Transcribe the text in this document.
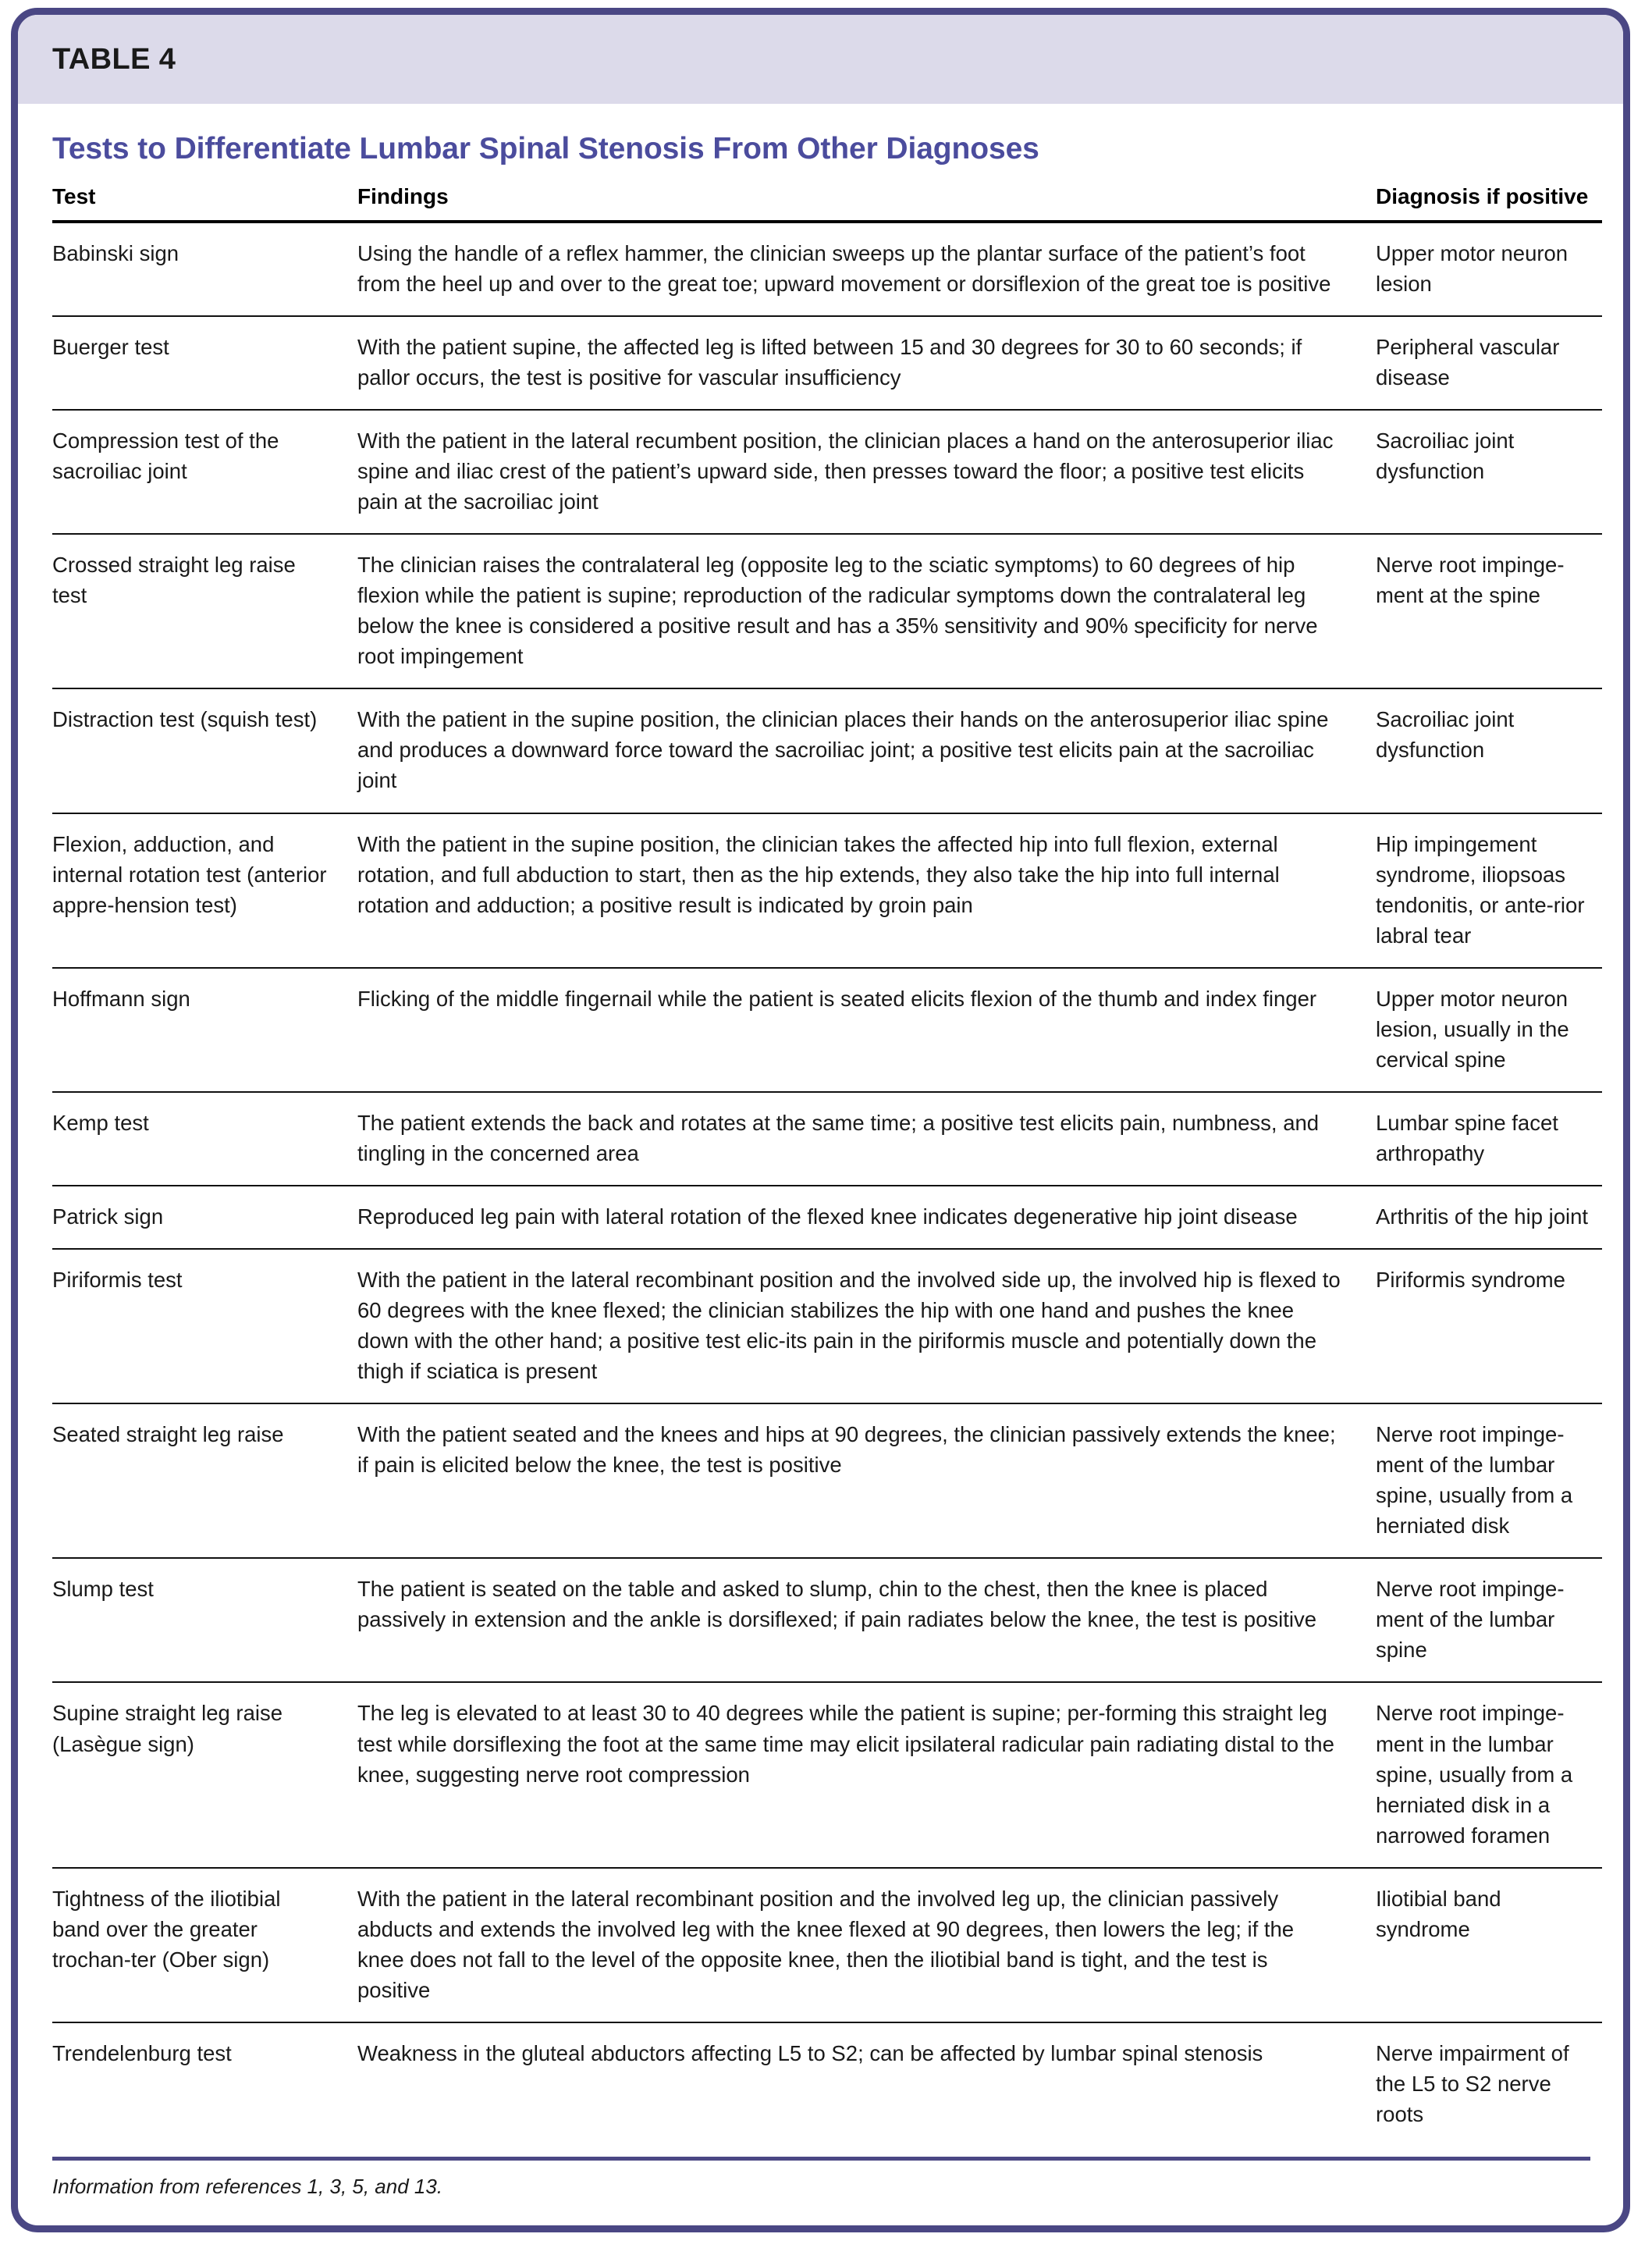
TABLE 4
Tests to Differentiate Lumbar Spinal Stenosis From Other Diagnoses
Test	Findings	Diagnosis if positive
Babinski sign	Using the handle of a reflex hammer, the clinician sweeps up the plantar surface of the patient’s foot from the heel up and over to the great toe; upward movement or dorsiflexion of the great toe is positive	Upper motor neuron lesion
Buerger test	With the patient supine, the affected leg is lifted between 15 and 30 degrees for 30 to 60 seconds; if pallor occurs, the test is positive for vascular insufficiency	Peripheral vascular disease
Compression test of the sacroiliac joint	With the patient in the lateral recumbent position, the clinician places a hand on the anterosuperior iliac spine and iliac crest of the patient’s upward side, then presses toward the floor; a positive test elicits pain at the sacroiliac joint	Sacroiliac joint dysfunction
Crossed straight leg raise test	The clinician raises the contralateral leg (opposite leg to the sciatic symptoms) to 60 degrees of hip flexion while the patient is supine; reproduction of the radicular symptoms down the contralateral leg below the knee is considered a positive result and has a 35% sensitivity and 90% specificity for nerve root impingement	Nerve root impinge-ment at the spine
Distraction test (squish test)	With the patient in the supine position, the clinician places their hands on the anterosuperior iliac spine and produces a downward force toward the sacroiliac joint; a positive test elicits pain at the sacroiliac joint	Sacroiliac joint dysfunction
Flexion, adduction, and internal rotation test (anterior appre-hension test)	With the patient in the supine position, the clinician takes the affected hip into full flexion, external rotation, and full abduction to start, then as the hip extends, they also take the hip into full internal rotation and adduction; a positive result is indicated by groin pain	Hip impingement syndrome, iliopsoas tendonitis, or ante-rior labral tear
Hoffmann sign	Flicking of the middle fingernail while the patient is seated elicits flexion of the thumb and index finger	Upper motor neuron lesion, usually in the cervical spine
Kemp test	The patient extends the back and rotates at the same time; a positive test elicits pain, numbness, and tingling in the concerned area	Lumbar spine facet arthropathy
Patrick sign	Reproduced leg pain with lateral rotation of the flexed knee indicates degenerative hip joint disease	Arthritis of the hip joint
Piriformis test	With the patient in the lateral recombinant position and the involved side up, the involved hip is flexed to 60 degrees with the knee flexed; the clinician stabilizes the hip with one hand and pushes the knee down with the other hand; a positive test elic-its pain in the piriformis muscle and potentially down the thigh if sciatica is present	Piriformis syndrome
Seated straight leg raise	With the patient seated and the knees and hips at 90 degrees, the clinician passively extends the knee; if pain is elicited below the knee, the test is positive	Nerve root impinge-ment of the lumbar spine, usually from a herniated disk
Slump test	The patient is seated on the table and asked to slump, chin to the chest, then the knee is placed passively in extension and the ankle is dorsiflexed; if pain radiates below the knee, the test is positive	Nerve root impinge-ment of the lumbar spine
Supine straight leg raise (Lasègue sign)	The leg is elevated to at least 30 to 40 degrees while the patient is supine; per-forming this straight leg test while dorsiflexing the foot at the same time may elicit ipsilateral radicular pain radiating distal to the knee, suggesting nerve root compression	Nerve root impinge-ment in the lumbar spine, usually from a herniated disk in a narrowed foramen
Tightness of the iliotibial band over the greater trochan-ter (Ober sign)	With the patient in the lateral recombinant position and the involved leg up, the clinician passively abducts and extends the involved leg with the knee flexed at 90 degrees, then lowers the leg; if the knee does not fall to the level of the opposite knee, then the iliotibial band is tight, and the test is positive	Iliotibial band syndrome
Trendelenburg test	Weakness in the gluteal abductors affecting L5 to S2; can be affected by lumbar spinal stenosis	Nerve impairment of the L5 to S2 nerve roots
Information from references 1, 3, 5, and 13.
